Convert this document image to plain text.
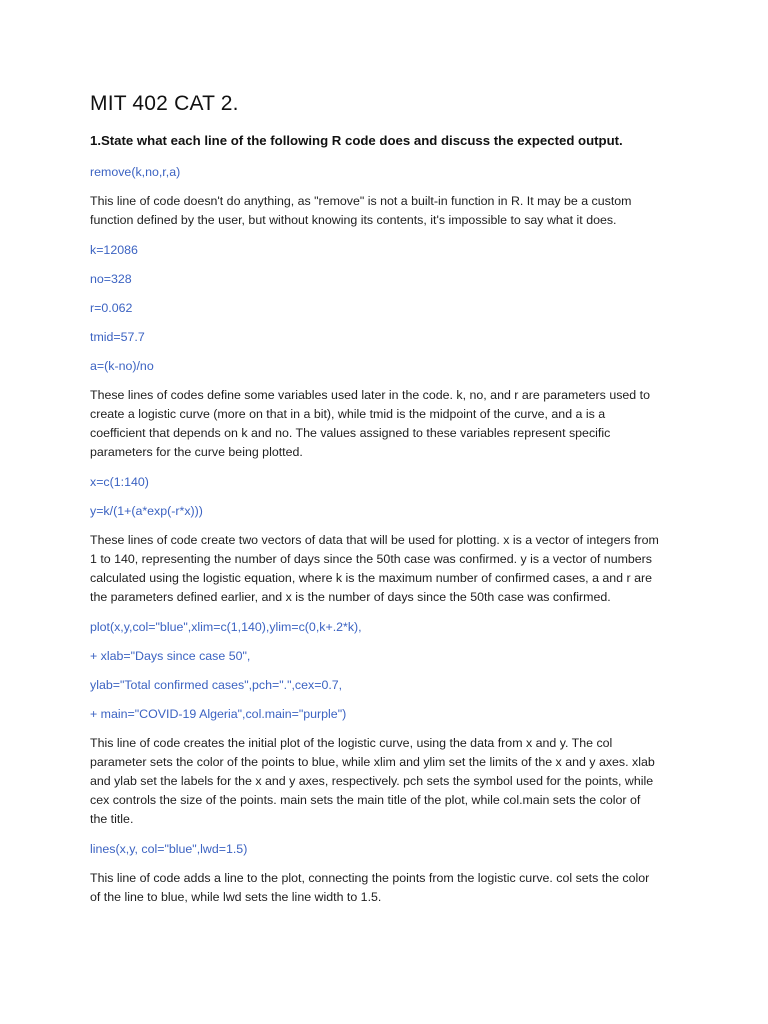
MIT 402 CAT 2.

1.State what each line of the following R code does and discuss the expected output.

remove(k,no,r,a)

This line of code doesn't do anything, as "remove" is not a built-in function in R. It may be a custom
function defined by the user, but without knowing its contents, it's impossible to say what it does.

k=12086

no=328

r=0.062

tmid=57.7

a=(k-no)/no

These lines of codes define some variables used later in the code. k, no, and r are parameters used to
create a logistic curve (more on that in a bit), while tmid is the midpoint of the curve, and a is a
coefficient that depends on k and no. The values assigned to these variables represent specific
parameters for the curve being plotted.

x=c(1:140)

y=k/(1+(a*exp(-r*x)))

These lines of code create two vectors of data that will be used for plotting. x is a vector of integers from
1 to 140, representing the number of days since the 50th case was confirmed. y is a vector of numbers
calculated using the logistic equation, where k is the maximum number of confirmed cases, a and r are
the parameters defined earlier, and x is the number of days since the 50th case was confirmed.

plot(x,y,col="blue",xlim=c(1,140),ylim=c(0,k+.2*k),

+ xlab="Days since case 50",

ylab="Total confirmed cases",pch=".",cex=0.7,

+ main="COVID-19 Algeria",col.main="purple")

This line of code creates the initial plot of the logistic curve, using the data from x and y. The col
parameter sets the color of the points to blue, while xlim and ylim set the limits of the x and y axes. xlab
and ylab set the labels for the x and y axes, respectively. pch sets the symbol used for the points, while
cex controls the size of the points. main sets the main title of the plot, while col.main sets the color of
the title.

lines(x,y, col="blue",lwd=1.5)

This line of code adds a line to the plot, connecting the points from the logistic curve. col sets the color
of the line to blue, while lwd sets the line width to 1.5.
